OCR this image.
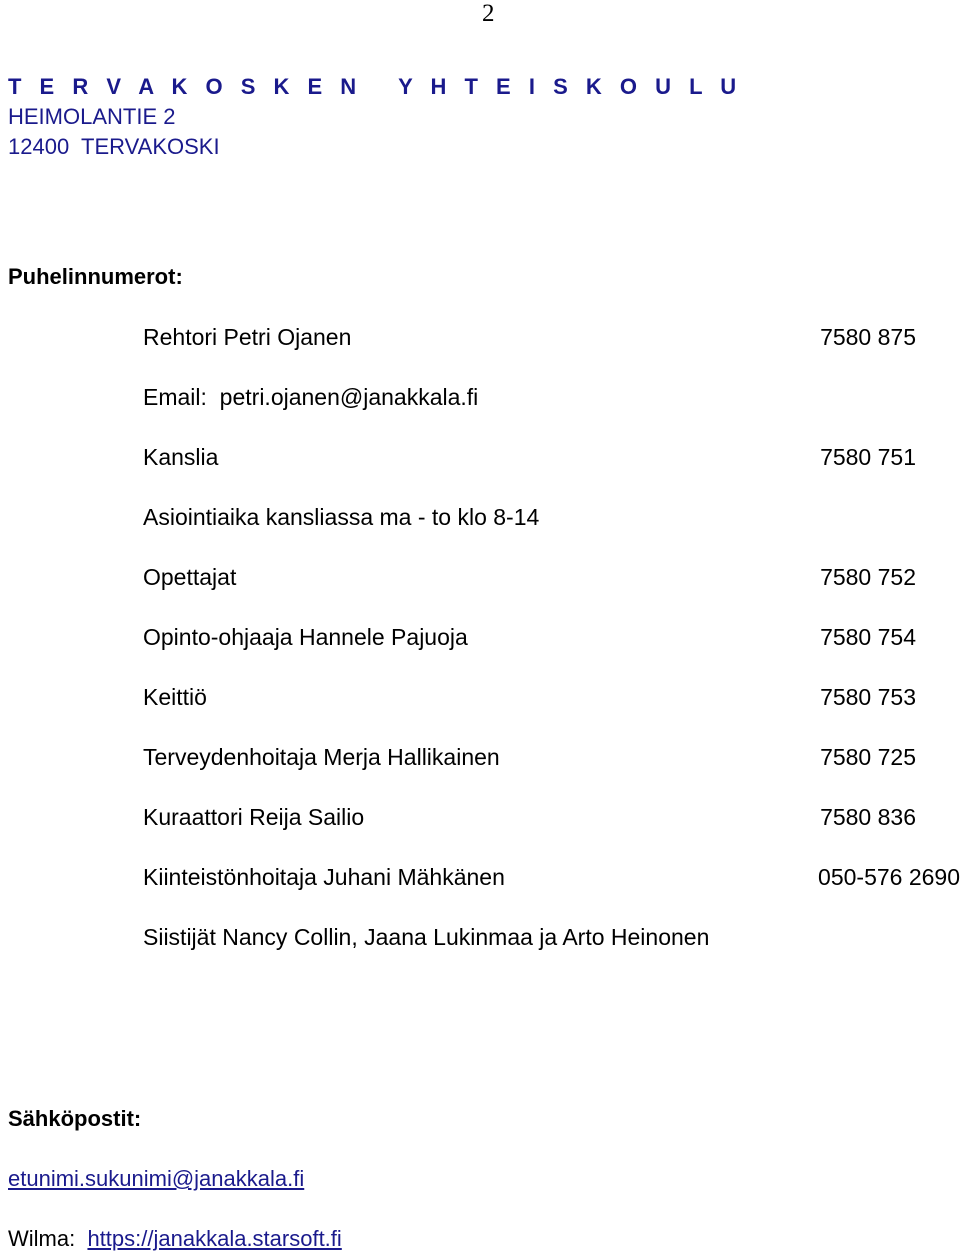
2
T E R V A K O S K E N   Y H T E I S K O U L U
HEIMOLANTIE 2
12400  TERVAKOSKI
Puhelinnumerot:
Rehtori Petri Ojanen	7580 875
Email:  petri.ojanen@janakkala.fi
Kanslia	7580 751
Asiointiaika kansliassa ma - to klo 8-14
Opettajat	7580 752
Opinto-ohjaaja Hannele Pajuoja	7580 754
Keittiö	7580 753
Terveydenhoitaja Merja Hallikainen	7580 725
Kuraattori Reija Sailio	7580 836
Kiinteistönhoitaja Juhani Mähkänen	050-576 2690
Siistijät Nancy Collin, Jaana Lukinmaa ja Arto Heinonen
Sähköpostit:
etunimi.sukunimi@janakkala.fi
Wilma: https://janakkala.starsoft.fi
